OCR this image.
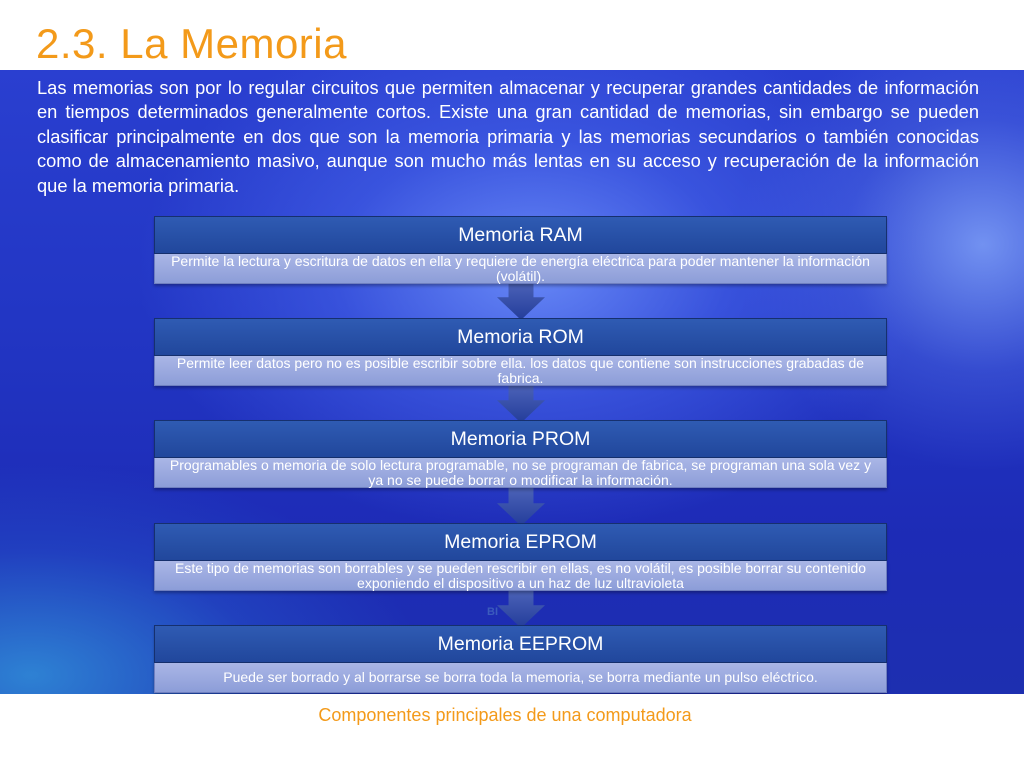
2.3. La Memoria

Las memorias son por lo regular circuitos que permiten almacenar y recuperar grandes cantidades de información en tiempos determinados generalmente cortos. Existe una gran cantidad de memorias, sin embargo se pueden clasificar principalmente en dos que son la memoria primaria y las memorias secundarios o también conocidas como de almacenamiento masivo, aunque son mucho más lentas en su acceso y recuperación de la información que la memoria primaria.

BI
Memoria RAM
Permite la lectura y escritura de datos en ella y requiere de energía eléctrica para poder mantener la información (volátil).
Memoria ROM
Permite leer datos pero no es posible escribir sobre ella. los datos que contiene son instrucciones grabadas de fabrica.
Memoria PROM
Programables o memoria de solo lectura programable, no se programan de fabrica, se programan una sola vez y ya no se puede borrar o modificar la información.
Memoria EPROM
Este tipo de memorias son borrables y se pueden rescribir en ellas, es no volátil, es posible borrar su contenido exponiendo el dispositivo a un haz de luz ultravioleta
Memoria EEPROM
Puede ser borrado y al borrarse se borra toda la memoria, se borra mediante un pulso eléctrico.

Componentes principales de una computadora
